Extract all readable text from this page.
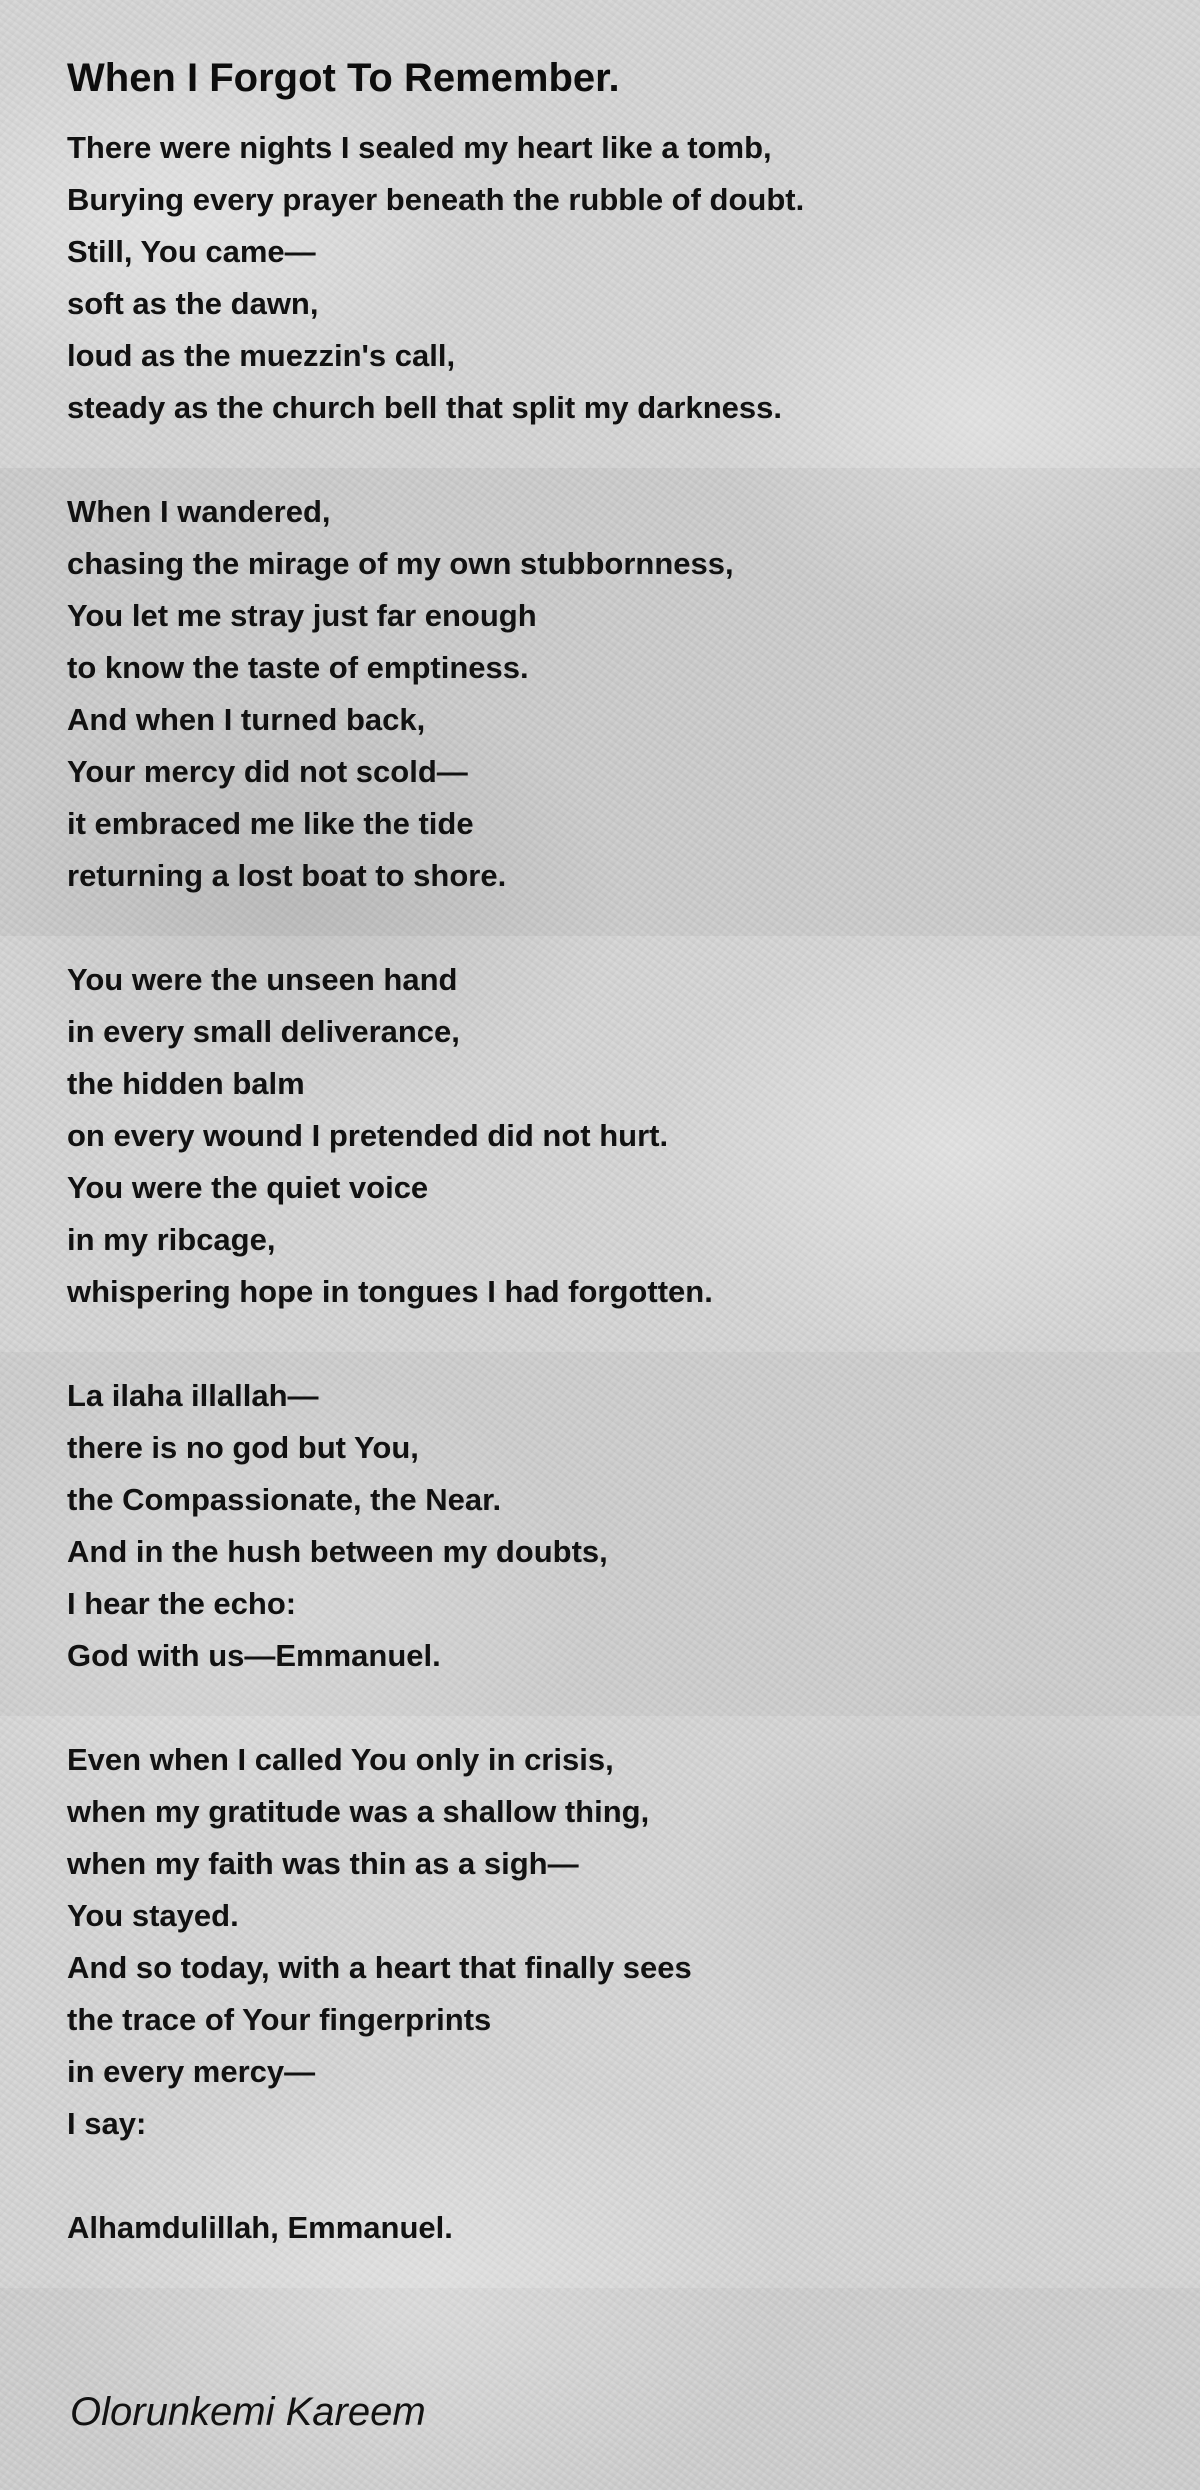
When I Forgot To Remember.
There were nights I sealed my heart like a tomb,
Burying every prayer beneath the rubble of doubt.
Still, You came—
soft as the dawn,
loud as the muezzin's call,
steady as the church bell that split my darkness.
When I wandered,
chasing the mirage of my own stubbornness,
You let me stray just far enough
to know the taste of emptiness.
And when I turned back,
Your mercy did not scold—
it embraced me like the tide
returning a lost boat to shore.
You were the unseen hand
in every small deliverance,
the hidden balm
on every wound I pretended did not hurt.
You were the quiet voice
in my ribcage,
whispering hope in tongues I had forgotten.
La ilaha illallah—
there is no god but You,
the Compassionate, the Near.
And in the hush between my doubts,
I hear the echo:
God with us—Emmanuel.
Even when I called You only in crisis,
when my gratitude was a shallow thing,
when my faith was thin as a sigh—
You stayed.
And so today, with a heart that finally sees
the trace of Your fingerprints
in every mercy—
I say:
Alhamdulillah, Emmanuel.
Olorunkemi Kareem
